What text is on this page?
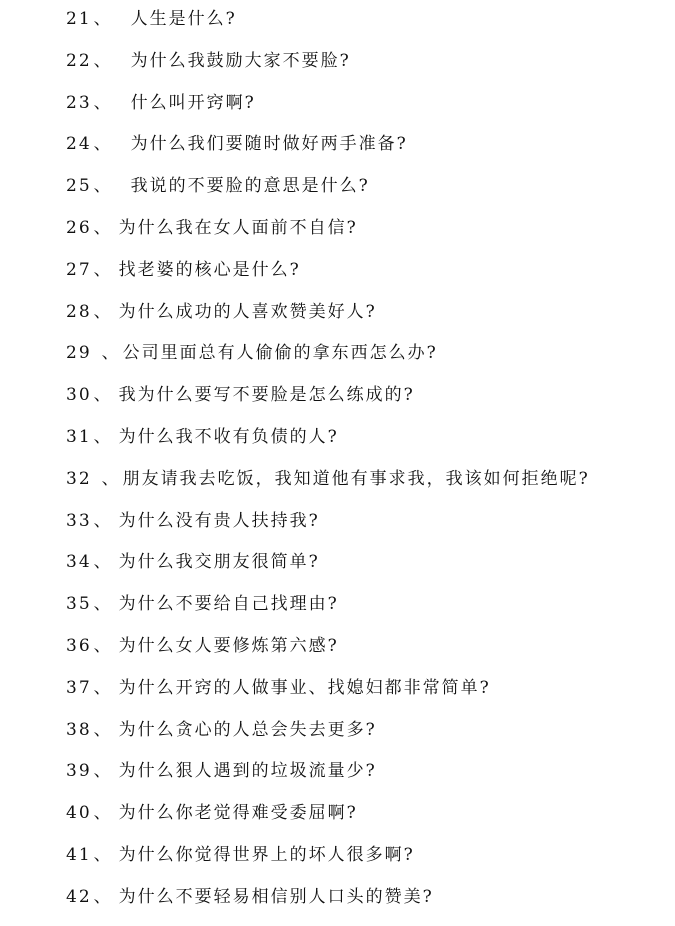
21 、 人生是什么?
22 、 为什么我鼓励大家不要脸?
23 、 什么叫开窍啊?
24 、 为什么我们要随时做好两手准备?
25 、 我说的不要脸的意思是什么?
26 、 为什么我在女人面前不自信?
27 、 找老婆的核心是什么?
28 、 为什么成功的人喜欢赞美好人?
29 、 公司里面总有人偷偷的拿东西怎么办?
30 、 我为什么要写不要脸是怎么练成的?
31 、 为什么我不收有负债的人?
32 、 朋友请我去吃饭，我知道他有事求我，我该如何拒绝呢?
33 、 为什么没有贵人扶持我?
34 、 为什么我交朋友很简单?
35 、 为什么不要给自己找理由?
36 、 为什么女人要修炼第六感?
37 、 为什么开窍的人做事业、找媳妇都非常简单?
38 、 为什么贪心的人总会失去更多?
39 、 为什么狠人遇到的垃圾流量少?
40 、 为什么你老觉得难受委屈啊?
41 、 为什么你觉得世界上的坏人很多啊?
42 、 为什么不要轻易相信别人口头的赞美?
